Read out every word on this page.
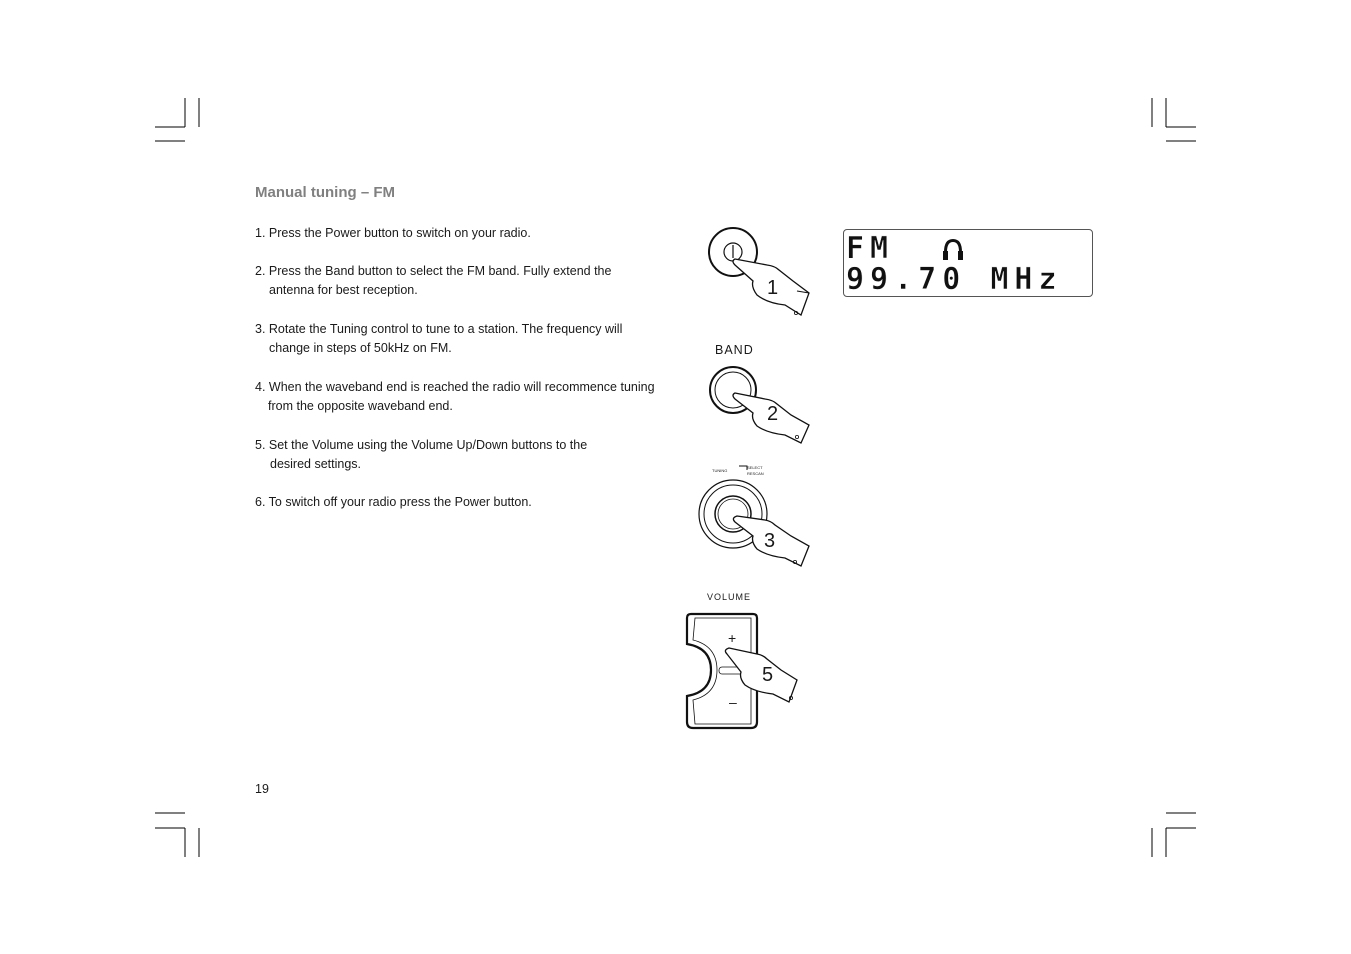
Manual tuning – FM
1. Press the Power button to switch on your radio.
2. Press the Band button to select the FM band. Fully extend the
antenna for best reception.
3. Rotate the Tuning control to tune to a station. The frequency will
change in steps of 50kHz on FM.
4. When the waveband end is reached the radio will recommence tuning
from the opposite waveband end.
5. Set the Volume using the Volume Up/Down buttons to the
desired settings.
6. To switch off your radio press the Power button.
19
FM
99.70 MHz
1
BAND
2
TUNING
SELECT
RESCAN
3
VOLUME
+
–
5
